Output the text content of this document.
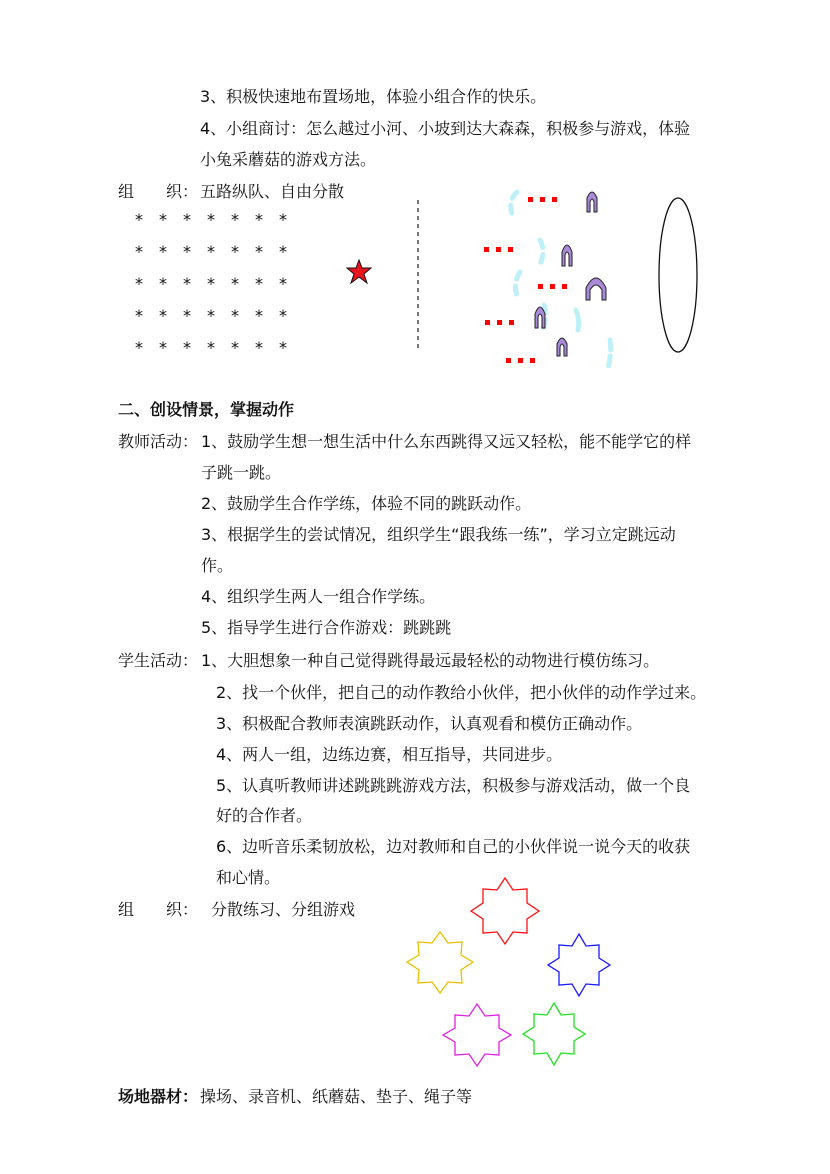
3、积极快速地布置场地，体验小组合作的快乐。
4、小组商讨：怎么越过小河、小坡到达大森森，积极参与游戏，体验
小兔采蘑菇的游戏方法。
组　　织： 五路纵队、自由分散
*　*　*　*　*　*　*
*　*　*　*　*　*　*
*　*　*　*　*　*　*
*　*　*　*　*　*　*
*　*　*　*　*　*　*
二、创设情景，掌握动作
教师活动： 1、鼓励学生想一想生活中什么东西跳得又远又轻松，能不能学它的样
子跳一跳。
2、鼓励学生合作学练，体验不同的跳跃动作。
3、根据学生的尝试情况，组织学生“跟我练一练”，学习立定跳远动
作。
4、组织学生两人一组合作学练。
5、指导学生进行合作游戏：跳跳跳
学生活动： 1、大胆想象一种自己觉得跳得最远最轻松的动物进行模仿练习。
2、找一个伙伴，把自己的动作教给小伙伴，把小伙伴的动作学过来。
3、积极配合教师表演跳跃动作，认真观看和模仿正确动作。
4、两人一组，边练边赛，相互指导，共同进步。
5、认真听教师讲述跳跳跳游戏方法，积极参与游戏活动，做一个良
好的合作者。
6、边听音乐柔韧放松，边对教师和自己的小伙伴说一说今天的收获
和心情。
组　　织： 分散练习、分组游戏
场地器材： 操场、录音机、纸蘑菇、垫子、绳子等
